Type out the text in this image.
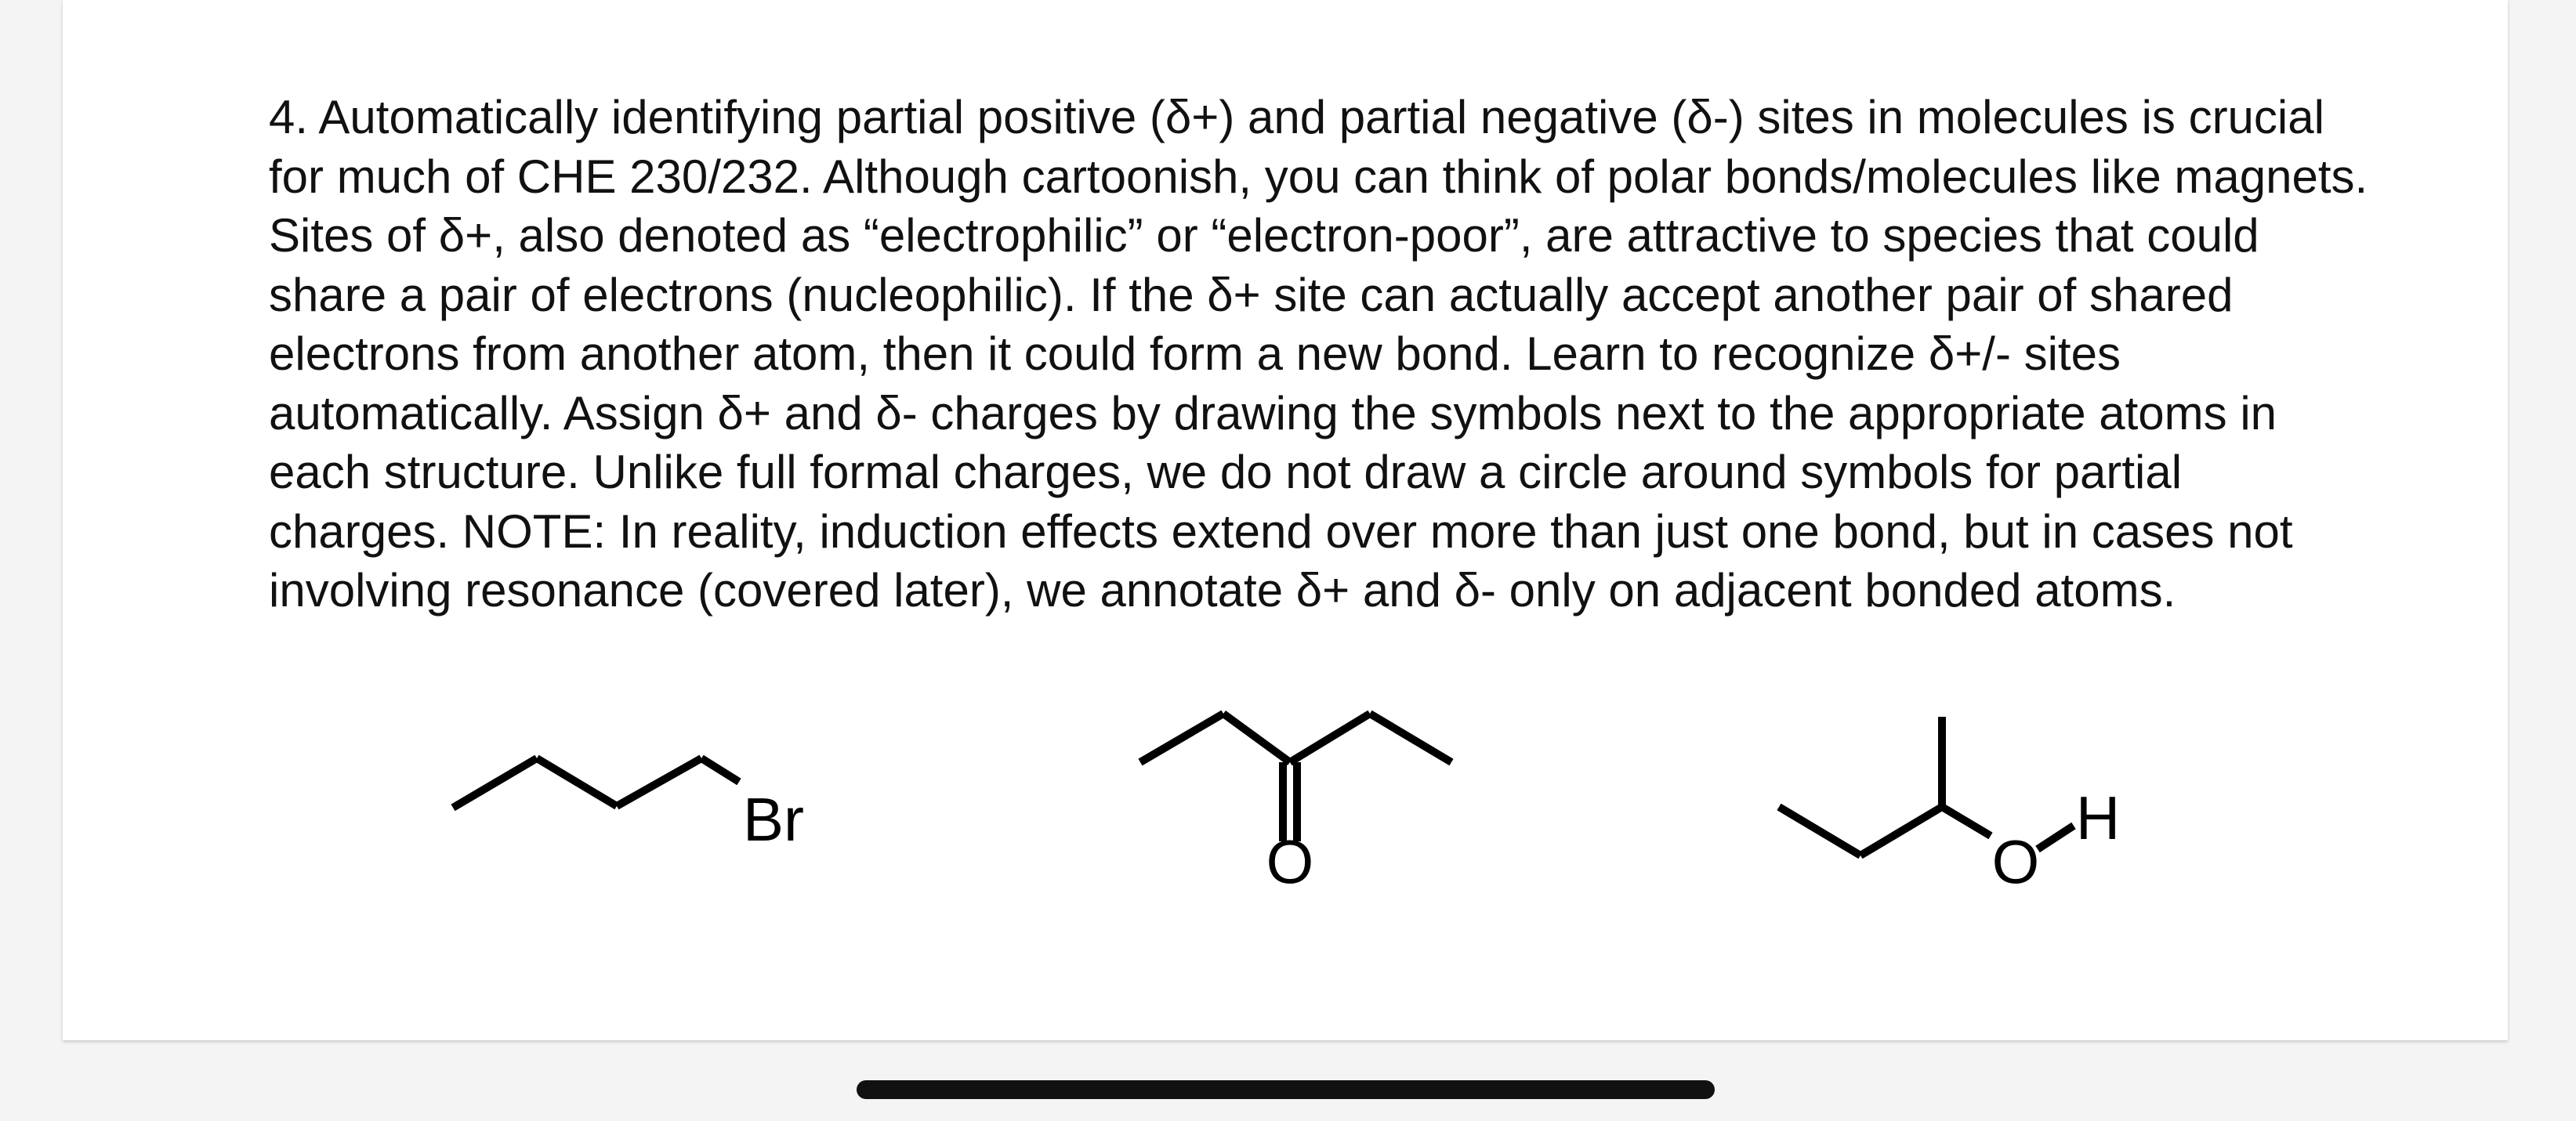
4. Automatically identifying partial positive (δ+) and partial negative (δ-) sites in molecules is crucial
for much of CHE 230/232. Although cartoonish, you can think of polar bonds/molecules like magnets.
Sites of δ+, also denoted as “electrophilic” or “electron-poor”, are attractive to species that could
share a pair of electrons (nucleophilic). If the δ+ site can actually accept another pair of shared
electrons from another atom, then it could form a new bond. Learn to recognize δ+/- sites
automatically. Assign δ+ and δ- charges by drawing the symbols next to the appropriate atoms in
each structure. Unlike full formal charges, we do not draw a circle around symbols for partial
charges. NOTE: In reality, induction effects extend over more than just one bond, but in cases not
involving resonance (covered later), we annotate δ+ and δ- only on adjacent bonded atoms.

Br
O	O
H
